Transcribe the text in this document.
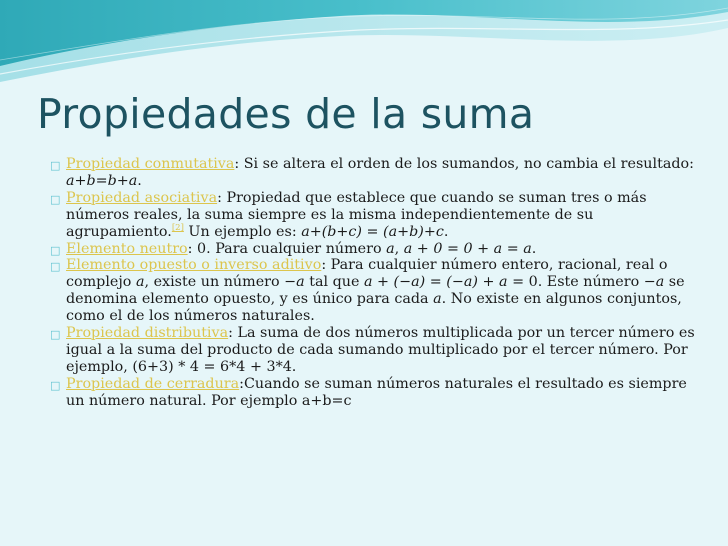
Propiedades de la suma
□ Propiedad conmutativa: Si se altera el orden de los sumandos, no cambia el resultado: a+b=b+a.
□ Propiedad asociativa: Propiedad que establece que cuando se suman tres o más números reales, la suma siempre es la misma independientemente de su agrupamiento.[2] Un ejemplo es: a+(b+c) = (a+b)+c.
□ Elemento neutro: 0. Para cualquier número a, a + 0 = 0 + a = a.
□ Elemento opuesto o inverso aditivo: Para cualquier número entero, racional, real o complejo a, existe un número −a tal que a + (−a) = (−a) + a = 0. Este número −a se denomina elemento opuesto, y es único para cada a. No existe en algunos conjuntos, como el de los números naturales.
□ Propiedad distributiva: La suma de dos números multiplicada por un tercer número es igual a la suma del producto de cada sumando multiplicado por el tercer número. Por ejemplo, (6+3) * 4 = 6*4 + 3*4.
□ Propiedad de cerradura:Cuando se suman números naturales el resultado es siempre un número natural. Por ejemplo a+b=c
